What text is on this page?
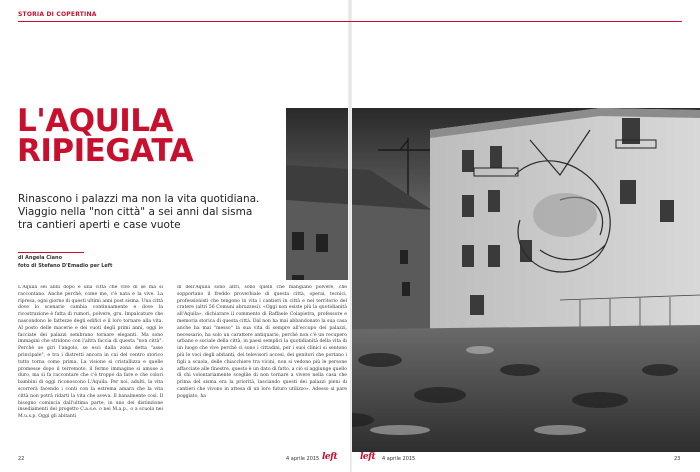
STORIA DI COPERTINA
L'AQUILA
RIPIEGATA

Rinascono i palazzi ma non la vita quotidiana.
Viaggio nella "non città" a sei anni dal sisma
tra cantieri aperti e case vuote

di Angela Ciano
foto di Stefano D'Emadio per Left

L'Aquila sei anni dopo è una città che vive di sè ma si raccontano. Anche perchè, come me, c'è nata e la vive. La ripresa, ogni giorno di questi ultimi anni post sisma. Una città dove lo scenario cambia continuamente e dove la ricostruzione è fatta di rumori, polvere, gru. Impalcature che nascondono le fattezze degli edifici e il loro tornare alla vita. Al posto delle macerie e dei vuoti degli primi anni, oggi le facciate dei palazzi sembrano tornare eleganti. Ma sono immagini che stridono con l'altra faccia di questa "non città". Perchè se giri l'angolo, se esci dalla zona detta "asse principale", e tra i distretti ancora in cui del centro storico tutto torna come prima. La visione si cristallizza e quelle promesse dopo il terremoto, il fermo immagine si amuse a duro, ma si fa raccontare che c'è troppo da fare e che colori bambini di oggi riconoscono L'Aquila. Per noi, adulti, la vita scorrerà facendo i conti con la estrema amara che la vita città non potrà ridarti la vita che aveva. Il banalmente così. Il bisogno comincia dall'ultima parte, in uno dei distinzione insediamenti del progetto C.a.s.e. o nei M.a.p., o a scuola nei M.u.s.p. Oggi gli abitanti

di dell'Aquila sono altri, sono quelli che mangiano polvere, che sopportano il freddo proverbiale di questa città, operai, tecnici, professionisti che tengono in vita i cantieri in città e nel territorio del cratere (altri 56 Comuni abruzzesi). «Oggi non esiste più la quotidianità all'Aquila», dichiarare il commento di Raffaele Colapietra, professore e memoria storica di questa città. Dal non ha mai abbandonato la sua casa anche ha mai "messo" la sua vita di sempre all'eccupo dei palazzi, necessario, ha solo un carattere antiquario, perchè non c'è un recupero urbano e sociale della città, in paesi semplici la quotidianità della vita di un luogo che vive perchè ci sono i cittadini, per i suoi clinici si sentono più le voci degli abitanti, dei televisori accesi, dei genitori che portano i figli a scuola, delle chiacchiere tra vicini, non si vedono più le persone affacciate alle finestre, questo è un dato di fatto, a ciò si aggiunge quello di chi volontariamente scegliie di non tornare a vivere nella casa che prima del sisma era la priorità, lasciando questi dei palazzi pieni di cantieri che vivono in attesa di un loro futuro utilizzo». Adesso si pare poggiato, ha

22	4 aprile 2015 left	left 4 aprile 2015	23
